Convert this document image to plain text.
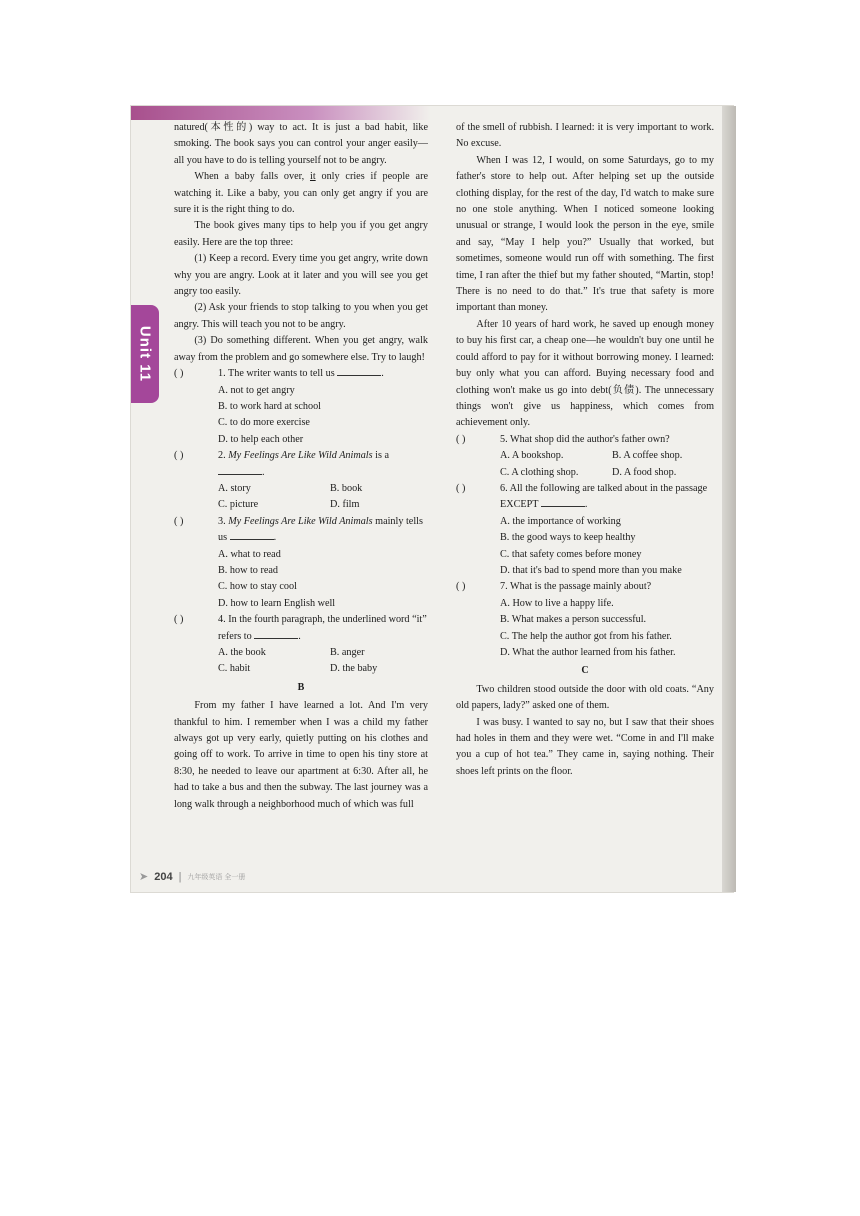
Unit 11

natured(本性的) way to act. It is just a bad habit, like smoking. The book says you can control your anger easily—all you have to do is telling yourself not to be angry.

When a baby falls over, it only cries if people are watching it. Like a baby, you can only get angry if you are sure it is the right thing to do.

The book gives many tips to help you if you get angry easily. Here are the top three:

(1) Keep a record. Every time you get angry, write down why you are angry. Look at it later and you will see you get angry too easily.

(2) Ask your friends to stop talking to you when you get angry. This will teach you not to be angry.

(3) Do something different. When you get angry, walk away from the problem and go somewhere else. Try to laugh!

( )	1. The writer wants to tell us	.

A. not to get angry

B. to work hard at school

C. to do more exercise

D. to help each other

( )	2. My Feelings Are Like Wild Animals is a
.
A. story	B. book
C. picture	D. film
( )	3. My Feelings Are Like Wild Animals mainly tells us	.

A. what to read

B. how to read

C. how to stay cool

D. how to learn English well

( )	4. In the fourth paragraph, the underlined word “it” refers to	.
A. the book	B. anger
C. habit	D. the baby
B

From my father I have learned a lot. And I'm very thankful to him. I remember when I was a child my father always got up very early, quietly putting on his clothes and going off to work. To arrive in time to open his tiny store at 8:30, he needed to leave our apartment at 6:30. After all, he had to take a bus and then the subway. The last journey was a long walk through a neighborhood much of which was full

of the smell of rubbish. I learned: it is very important to work. No excuse.

When I was 12, I would, on some Saturdays, go to my father's store to help out. After helping set up the outside clothing display, for the rest of the day, I'd watch to make sure no one stole anything. When I noticed someone looking unusual or strange, I would look the person in the eye, smile and say, “May I help you?” Usually that worked, but sometimes, someone would run off with something. The first time, I ran after the thief but my father shouted, “Martin, stop! There is no need to do that.” It's true that safety is more important than money.

After 10 years of hard work, he saved up enough money to buy his first car, a cheap one—he wouldn't buy one until he could afford to pay for it without borrowing money. I learned: buy only what you can afford. Buying necessary food and clothing won't make us go into debt(负债). The unnecessary things won't give us happiness, which comes from achievement only.

( )	5. What shop did the author's father own?
A. A bookshop.	B. A coffee shop.
C. A clothing shop.	D. A food shop.
( )	6. All the following are talked about in the passage EXCEPT	.

A. the importance of working

B. the good ways to keep healthy

C. that safety comes before money

D. that it's bad to spend more than you make

( )	7. What is the passage mainly about?

A. How to live a happy life.

B. What makes a person successful.

C. The help the author got from his father.

D. What the author learned from his father.

C

Two children stood outside the door with old coats. “Any old papers, lady?” asked one of them.

I was busy. I wanted to say no, but I saw that their shoes had holes in them and they were wet. “Come in and I'll make you a cup of hot tea.” They came in, saying nothing. Their shoes left prints on the floor.

➤ 204 | 九年级英语 全一册
